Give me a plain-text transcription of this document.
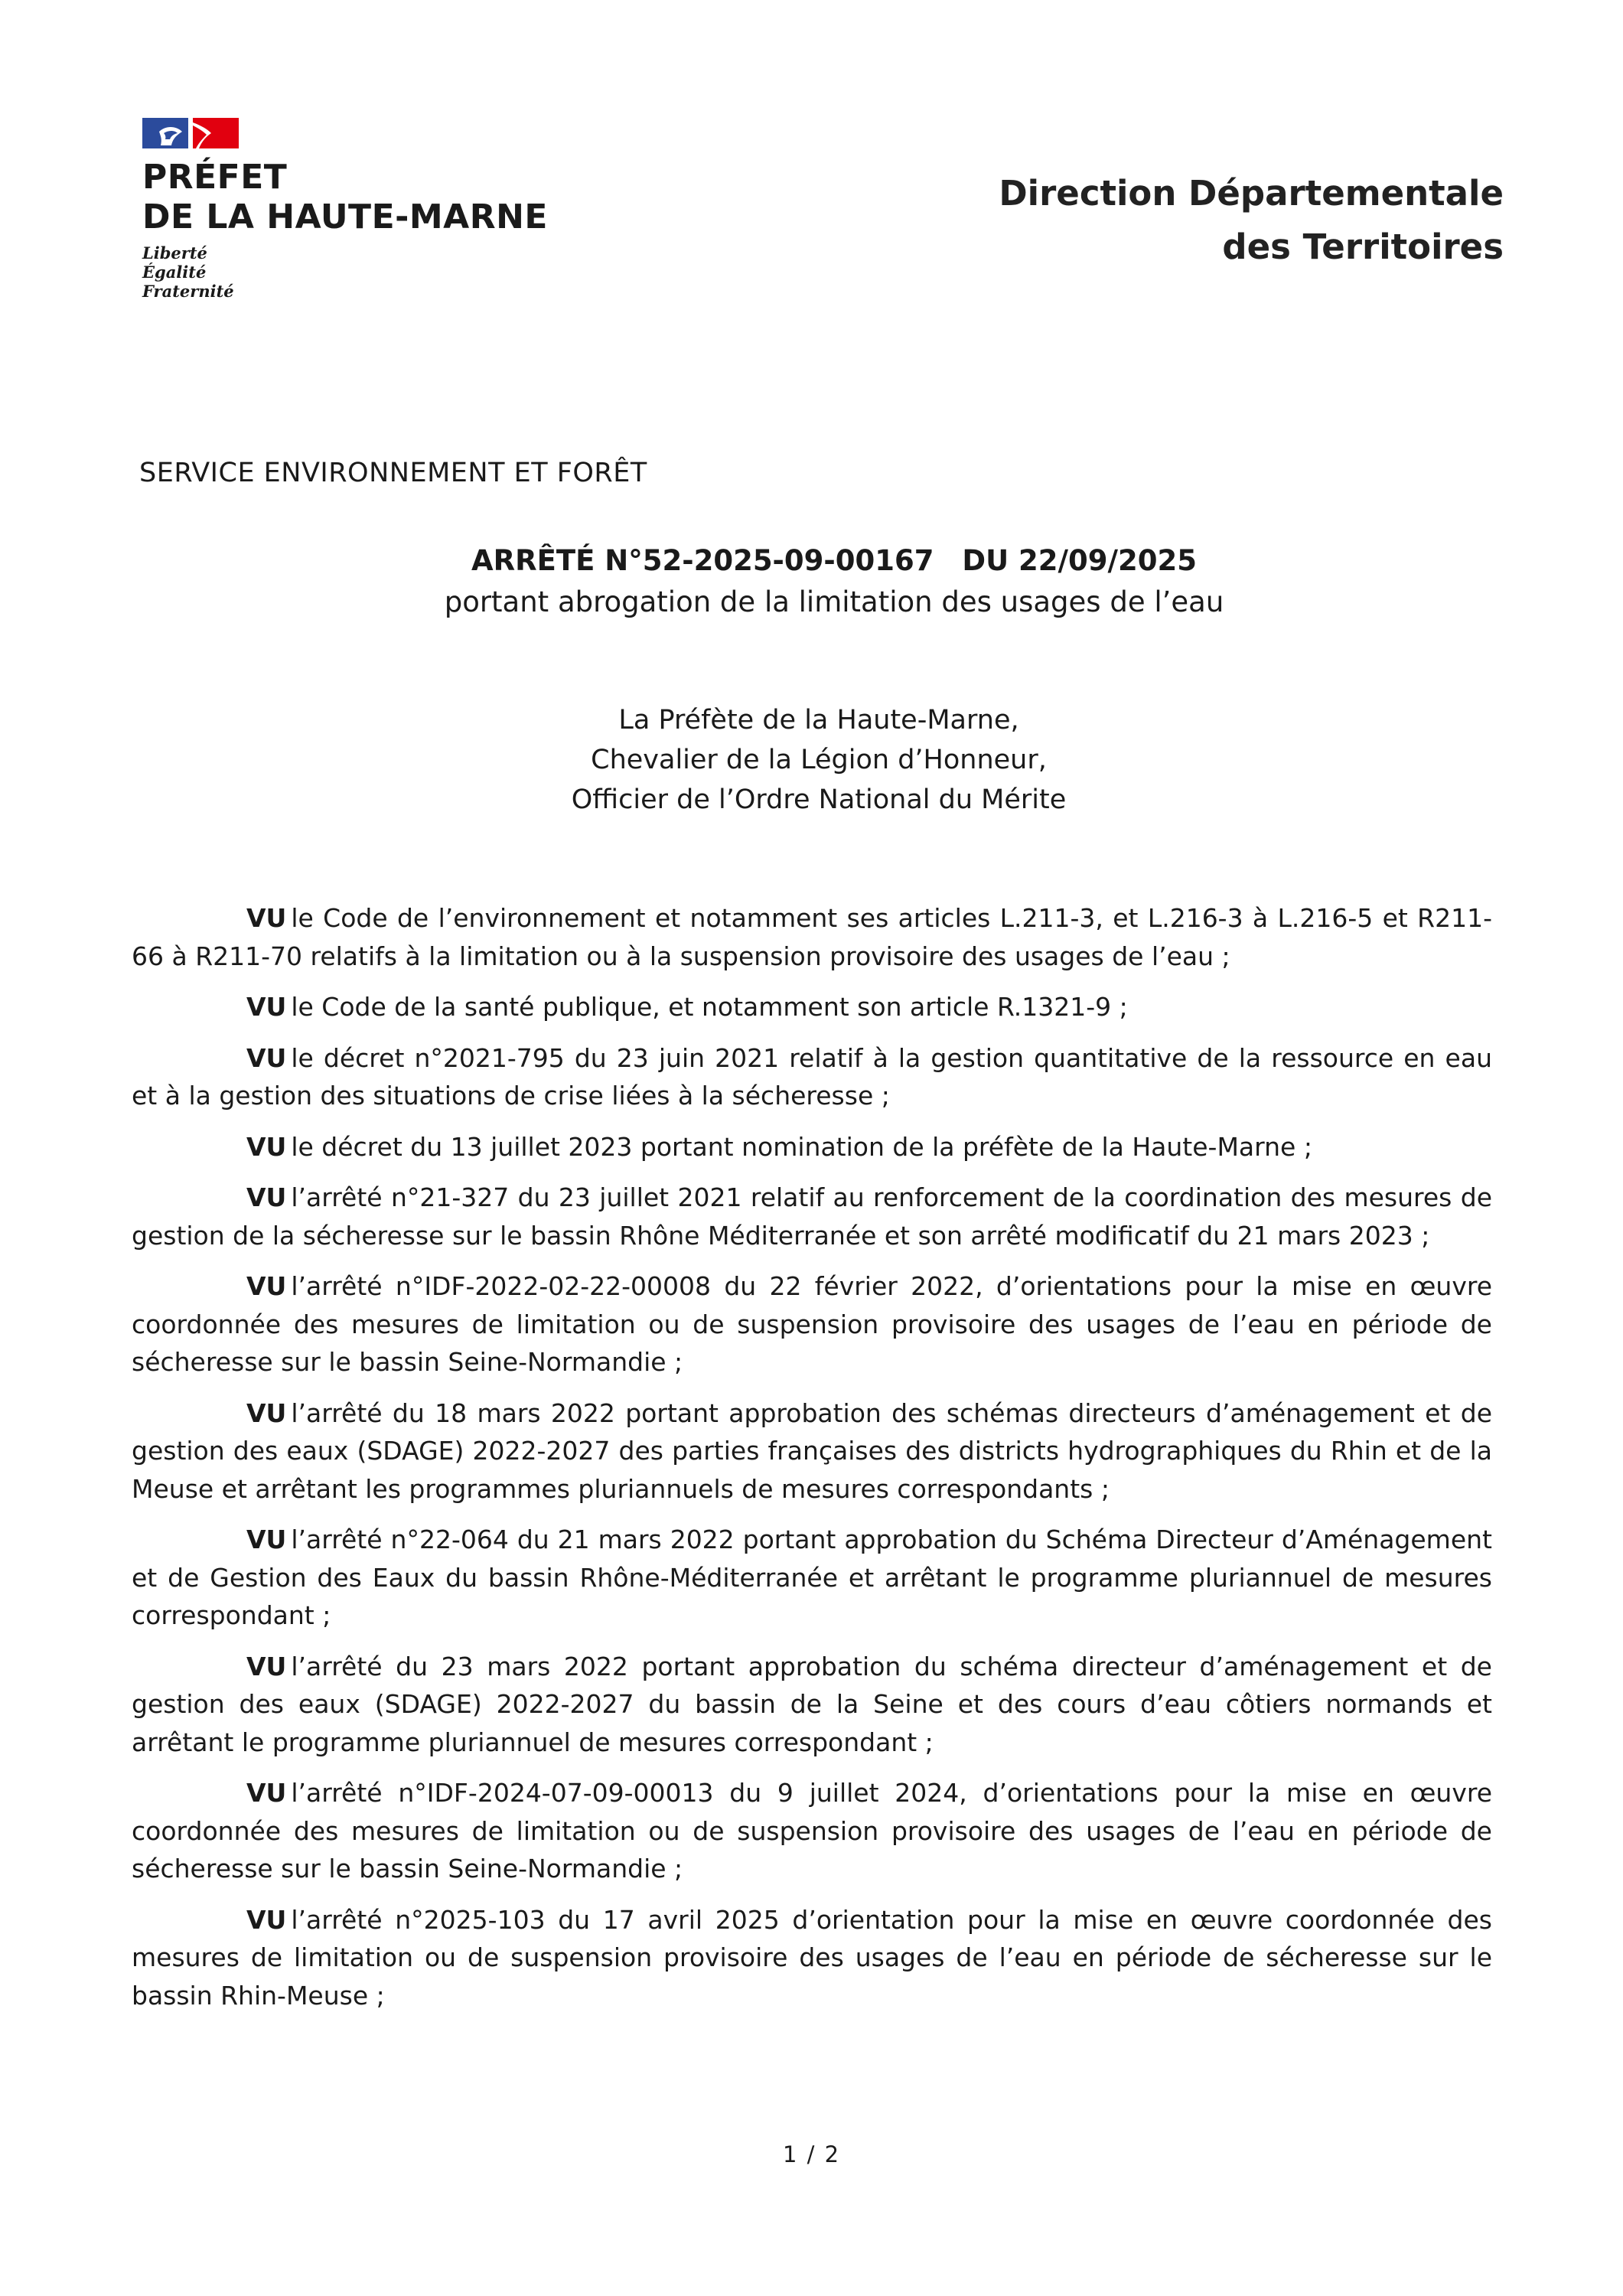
PRÉFET
DE LA HAUTE-MARNE
Liberté
Égalité
Fraternité
Direction Départementale
des Territoires
SERVICE ENVIRONNEMENT ET FORÊT
ARRÊTÉ N°52-2025-09-00167 DU 22/09/2025
portant abrogation de la limitation des usages de l’eau
La Préfète de la Haute-Marne,
Chevalier de la Légion d’Honneur,
Officier de l’Ordre National du Mérite

VU le Code de l’environnement et notamment ses articles L.211-3, et L.216-3 à L.216-5 et R211-66 à R211-70 relatifs à la limitation ou à la suspension provisoire des usages de l’eau ;

VU le Code de la santé publique, et notamment son article R.1321-9 ;

VU le décret n°2021-795 du 23 juin 2021 relatif à la gestion quantitative de la ressource en eau et à la gestion des situations de crise liées à la sécheresse ;

VU le décret du 13 juillet 2023 portant nomination de la préfète de la Haute-Marne ;

VU l’arrêté n°21-327 du 23 juillet 2021 relatif au renforcement de la coordination des mesures de gestion de la sécheresse sur le bassin Rhône Méditerranée et son arrêté modificatif du 21 mars 2023 ;

VU l’arrêté n°IDF-2022-02-22-00008 du 22 février 2022, d’orientations pour la mise en œuvre coordonnée des mesures de limitation ou de suspension provisoire des usages de l’eau en période de sécheresse sur le bassin Seine-Normandie ;

VU l’arrêté du 18 mars 2022 portant approbation des schémas directeurs d’aménagement et de gestion des eaux (SDAGE) 2022-2027 des parties françaises des districts hydrographiques du Rhin et de la Meuse et arrêtant les programmes pluriannuels de mesures correspondants ;

VU l’arrêté n°22-064 du 21 mars 2022 portant approbation du Schéma Directeur d’Aménagement et de Gestion des Eaux du bassin Rhône-Méditerranée et arrêtant le programme pluriannuel de mesures correspondant ;

VU l’arrêté du 23 mars 2022 portant approbation du schéma directeur d’aménagement et de gestion des eaux (SDAGE) 2022-2027 du bassin de la Seine et des cours d’eau côtiers normands et arrêtant le programme pluriannuel de mesures correspondant ;

VU l’arrêté n°IDF-2024-07-09-00013 du 9 juillet 2024, d’orientations pour la mise en œuvre coordonnée des mesures de limitation ou de suspension provisoire des usages de l’eau en période de sécheresse sur le bassin Seine-Normandie ;

VU l’arrêté n°2025-103 du 17 avril 2025 d’orientation pour la mise en œuvre coordonnée des mesures de limitation ou de suspension provisoire des usages de l’eau en période de sécheresse sur le bassin Rhin-Meuse ;

1 / 2
